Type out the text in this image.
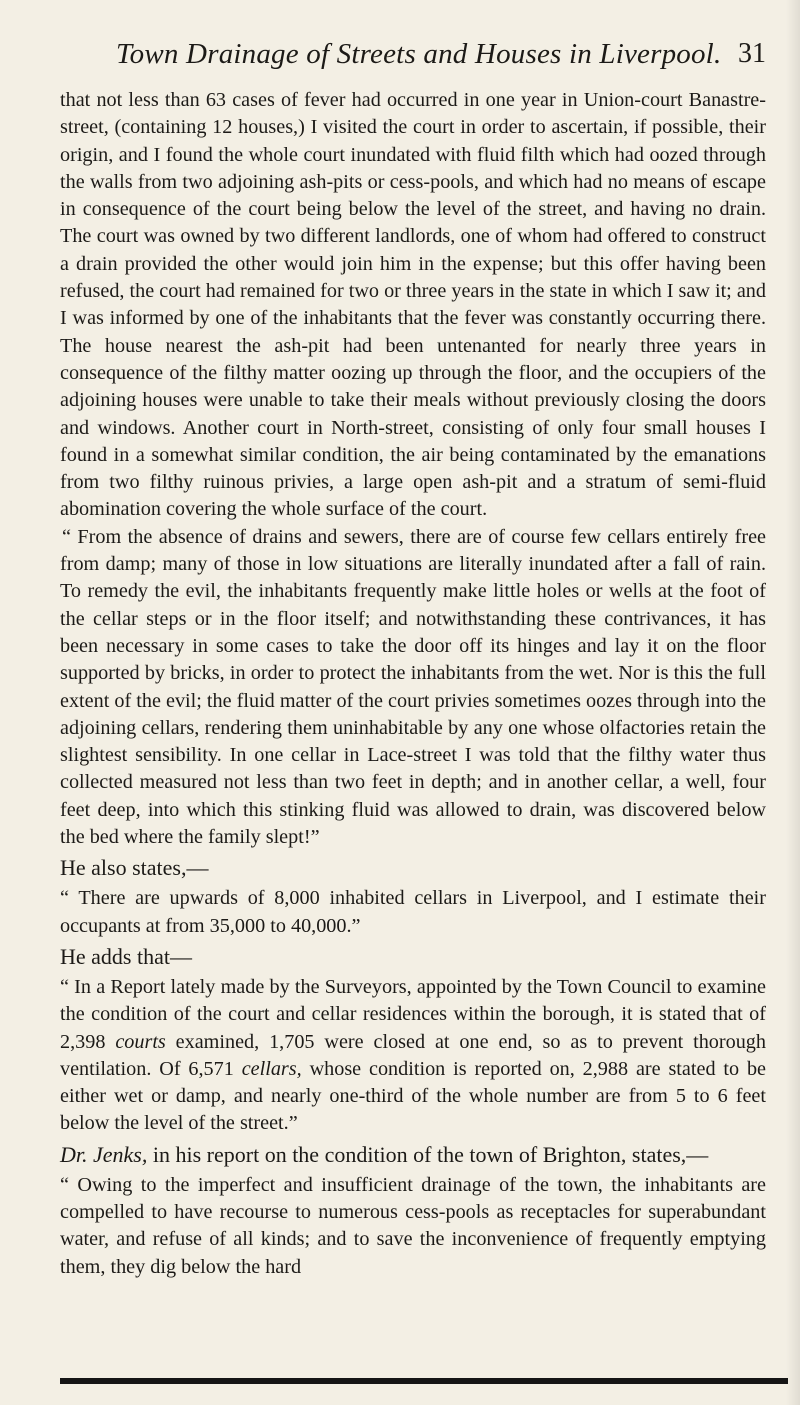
Town Drainage of Streets and Houses in Liverpool. 31

that not less than 63 cases of fever had occurred in one year in Union-court Banastre-street, (containing 12 houses,) I visited the court in order to ascertain, if possible, their origin, and I found the whole court inundated with fluid filth which had oozed through the walls from two adjoining ash-pits or cess-pools, and which had no means of escape in consequence of the court being below the level of the street, and having no drain. The court was owned by two different landlords, one of whom had offered to construct a drain provided the other would join him in the expense; but this offer having been refused, the court had remained for two or three years in the state in which I saw it; and I was informed by one of the inhabitants that the fever was constantly occurring there. The house nearest the ash-pit had been untenanted for nearly three years in consequence of the filthy matter oozing up through the floor, and the occupiers of the adjoining houses were unable to take their meals without previously closing the doors and windows. Another court in North-street, consisting of only four small houses I found in a somewhat similar condition, the air being contaminated by the emanations from two filthy ruinous privies, a large open ash-pit and a stratum of semi-fluid abomination covering the whole surface of the court.

“ From the absence of drains and sewers, there are of course few cellars entirely free from damp; many of those in low situations are literally inundated after a fall of rain. To remedy the evil, the inhabitants frequently make little holes or wells at the foot of the cellar steps or in the floor itself; and notwithstanding these contrivances, it has been necessary in some cases to take the door off its hinges and lay it on the floor supported by bricks, in order to protect the inhabitants from the wet. Nor is this the full extent of the evil; the fluid matter of the court privies sometimes oozes through into the adjoining cellars, rendering them uninhabitable by any one whose olfactories retain the slightest sensibility. In one cellar in Lace-street I was told that the filthy water thus collected measured not less than two feet in depth; and in another cellar, a well, four feet deep, into which this stinking fluid was allowed to drain, was discovered below the bed where the family slept!”

He also states,—

“ There are upwards of 8,000 inhabited cellars in Liverpool, and I estimate their occupants at from 35,000 to 40,000.”

He adds that—

“ In a Report lately made by the Surveyors, appointed by the Town Council to examine the condition of the court and cellar residences within the borough, it is stated that of 2,398 courts examined, 1,705 were closed at one end, so as to prevent thorough ventilation. Of 6,571 cellars, whose condition is reported on, 2,988 are stated to be either wet or damp, and nearly one-third of the whole number are from 5 to 6 feet below the level of the street.”

Dr. Jenks, in his report on the condition of the town of Brighton, states,—

“ Owing to the imperfect and insufficient drainage of the town, the inhabitants are compelled to have recourse to numerous cess-pools as receptacles for superabundant water, and refuse of all kinds; and to save the inconvenience of frequently emptying them, they dig below the hard
